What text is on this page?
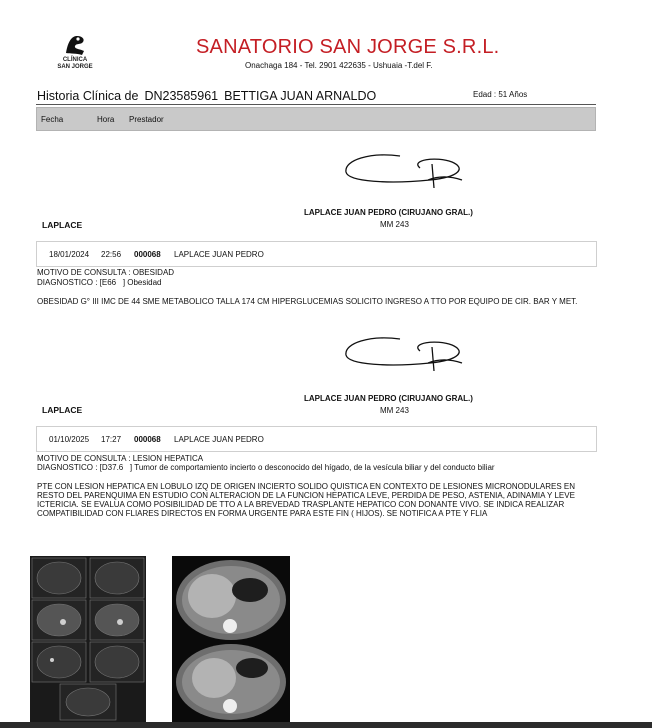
CLÍNICA
SAN JORGE
SANATORIO SAN JORGE S.R.L.
Onachaga 184 - Tel. 2901 422635 - Ushuaia -T.del F.
Historia Clínica de DN23585961 BETTIGA JUAN ARNALDO	Edad : 51 Años
Fecha	Hora Prestador
LAPLACE JUAN PEDRO (CIRUJANO GRAL.)
MM 243
LAPLACE
18/01/2024 22:56 000068 LAPLACE JUAN PEDRO
MOTIVO DE CONSULTA : OBESIDAD
DIAGNOSTICO : [E66 ] Obesidad
OBESIDAD G° III IMC DE 44 SME METABOLICO TALLA 174 CM HIPERGLUCEMIAS SOLICITO INGRESO A TTO POR EQUIPO DE CIR. BAR Y MET.
LAPLACE JUAN PEDRO (CIRUJANO GRAL.)
MM 243
LAPLACE
01/10/2025 17:27 000068 LAPLACE JUAN PEDRO
MOTIVO DE CONSULTA : LESION HEPATICA
DIAGNOSTICO : [D37.6 ] Tumor de comportamiento incierto o desconocido del hígado, de la vesícula biliar y del conducto biliar
PTE CON LESION HEPATICA EN LOBULO IZQ DE ORIGEN INCIERTO SOLIDO QUISTICA EN CONTEXTO DE LESIONES MICRONODULARES EN RESTO DEL PARENQUIMA EN ESTUDIO CON ALTERACION DE LA FUNCION HEPATICA LEVE, PERDIDA DE PESO, ASTENIA, ADINAMIA Y LEVE ICTERICIA. SE EVALUA COMO POSIBILIDAD DE TTO A LA BREVEDAD TRASPLANTE HEPATICO CON DONANTE VIVO. SE INDICA REALIZAR COMPATIBILIDAD CON FLIARES DIRECTOS EN FORMA URGENTE PARA ESTE FIN ( HIJOS). SE NOTIFICA A PTE Y FLIA
